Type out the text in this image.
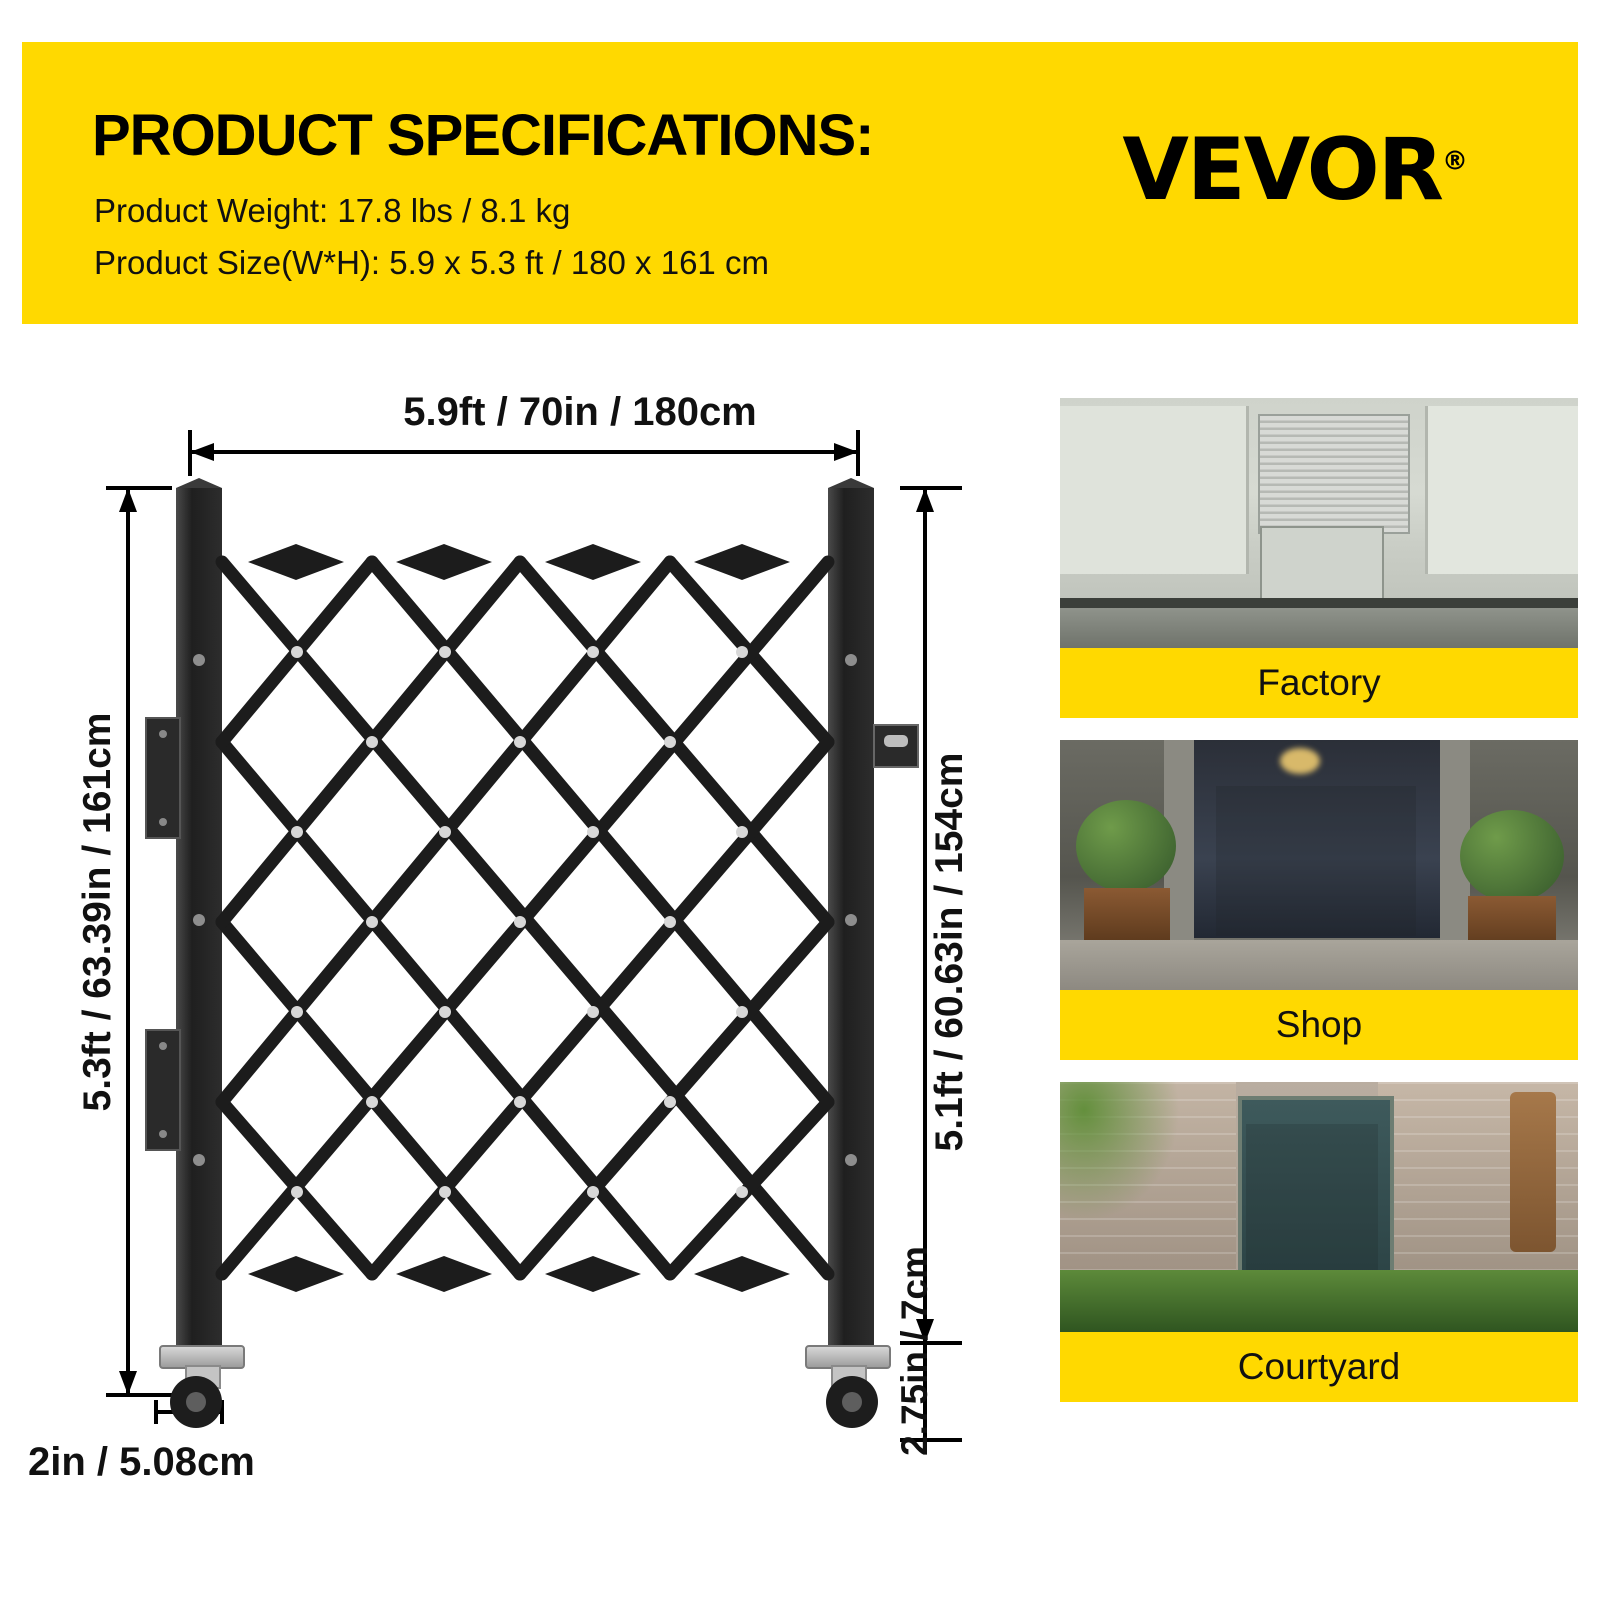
PRODUCT SPECIFICATIONS:
Product Weight: 17.8 lbs / 8.1 kg
Product Size(W*H): 5.9 x 5.3 ft / 180 x 161 cm
VEVOR®
5.9ft / 70in / 180cm
5.3ft / 63.39in / 161cm	5.1ft / 60.63in / 154cm
2.75in / 7cm
2in / 5.08cm
Factory
Shop
Courtyard
